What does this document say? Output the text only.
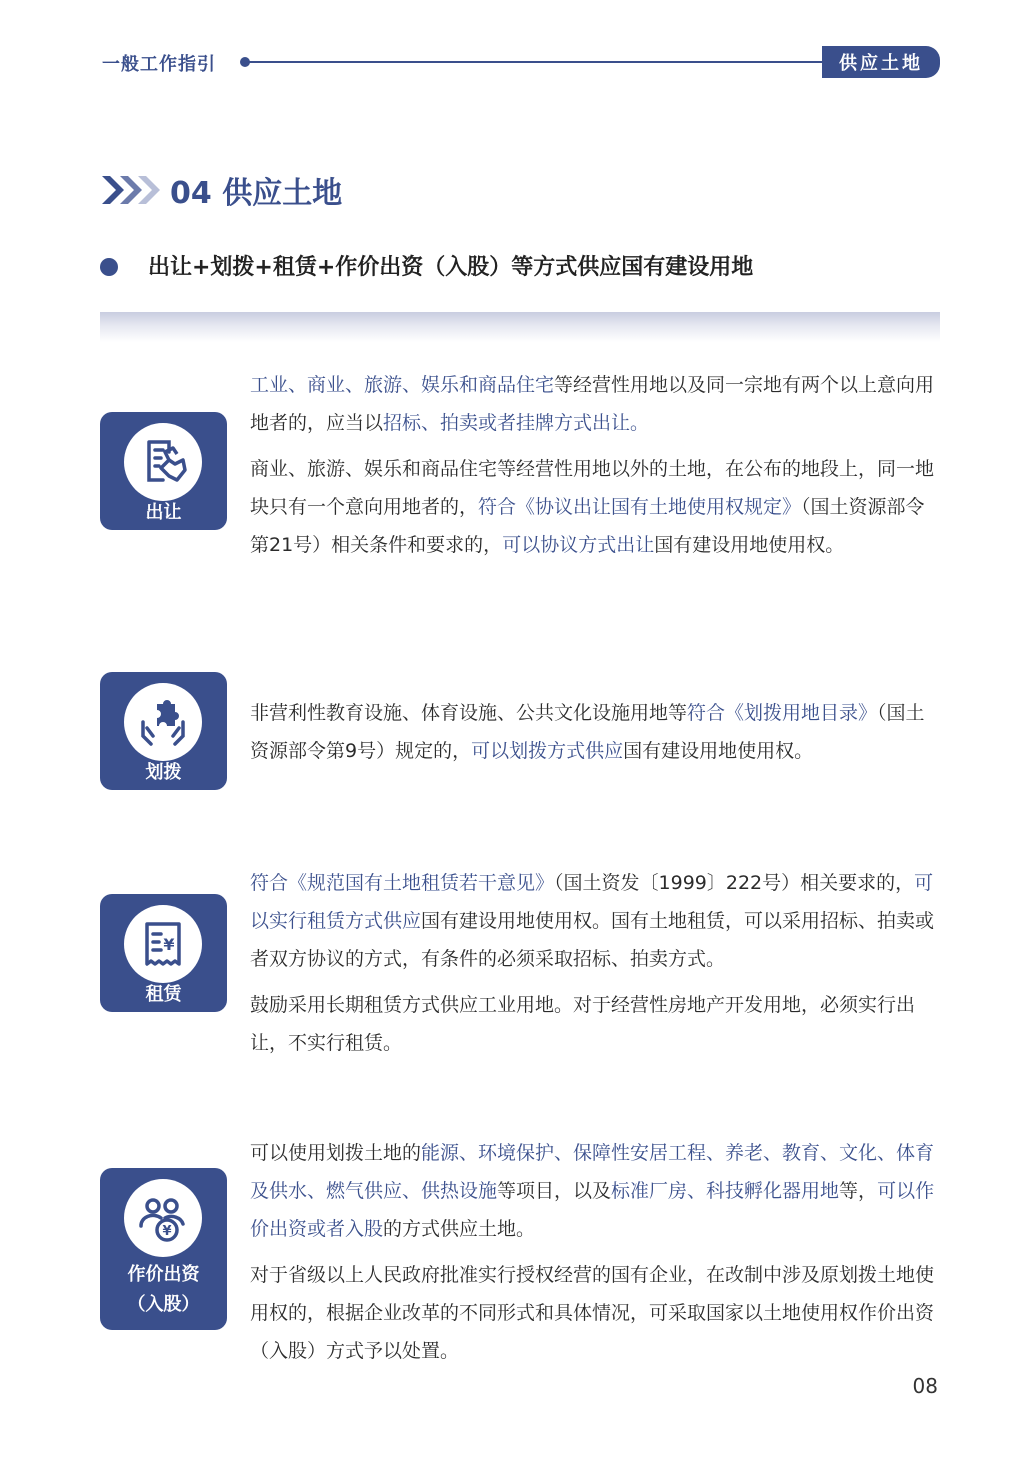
一般工作指引	供应土地
04 供应土地
出让+划拨+租赁+作价出资（入股）等方式供应国有建设用地
出让

工业、商业、旅游、娱乐和商品住宅等经营性用地以及同一宗地有两个以上意向用地者的，应当以招标、拍卖或者挂牌方式出让。

商业、旅游、娱乐和商品住宅等经营性用地以外的土地，在公布的地段上，同一地块只有一个意向用地者的，符合《协议出让国有土地使用权规定》（国土资源部令第21号）相关条件和要求的，可以协议方式出让国有建设用地使用权。

划拨

非营利性教育设施、体育设施、公共文化设施用地等符合《划拨用地目录》（国土资源部令第9号）规定的，可以划拨方式供应国有建设用地使用权。

¥
租赁

符合《规范国有土地租赁若干意见》（国土资发〔1999〕222号）相关要求的，可以实行租赁方式供应国有建设用地使用权。国有土地租赁，可以采用招标、拍卖或者双方协议的方式，有条件的必须采取招标、拍卖方式。

鼓励采用长期租赁方式供应工业用地。对于经营性房地产开发用地，必须实行出让，不实行租赁。

¥
作价出资
（入股）

可以使用划拨土地的能源、环境保护、保障性安居工程、养老、教育、文化、体育及供水、燃气供应、供热设施等项目，以及标准厂房、科技孵化器用地等，可以作价出资或者入股的方式供应土地。

对于省级以上人民政府批准实行授权经营的国有企业，在改制中涉及原划拨土地使用权的，根据企业改革的不同形式和具体情况，可采取国家以土地使用权作价出资（入股）方式予以处置。

08
